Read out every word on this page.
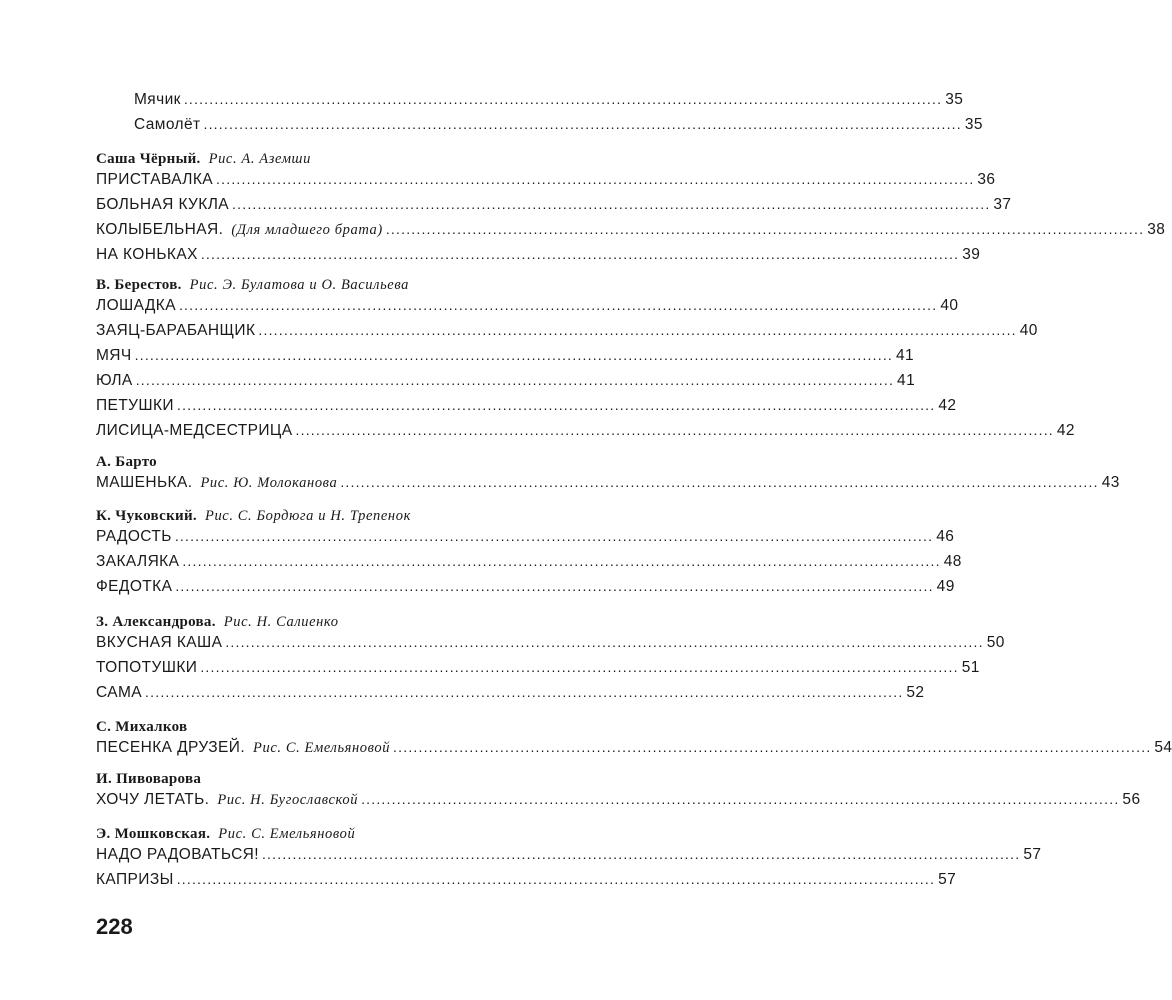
Мячик ..................................................................................................................................................... 35
Самолёт ..................................................................................................................................................... 35
Саша Чёрный. Рис. А. Аземши
ПРИСТАВАЛКА ..................................................................................................................................................... 36
БОЛЬНАЯ КУКЛА ..................................................................................................................................................... 37
КОЛЫБЕЛЬНАЯ. (Для младшего брата) ..................................................................................................................................................... 38
НА КОНЬКАХ ..................................................................................................................................................... 39
В. Берестов. Рис. Э. Булатова и О. Васильева
ЛОШАДКА ..................................................................................................................................................... 40
ЗАЯЦ-БАРАБАНЩИК ..................................................................................................................................................... 40
МЯЧ ..................................................................................................................................................... 41
ЮЛА ..................................................................................................................................................... 41
ПЕТУШКИ ..................................................................................................................................................... 42
ЛИСИЦА-МЕДСЕСТРИЦА ..................................................................................................................................................... 42
А. Барто
МАШЕНЬКА. Рис. Ю. Молоканова ..................................................................................................................................................... 43
К. Чуковский. Рис. С. Бордюга и Н. Трепенок
РАДОСТЬ ..................................................................................................................................................... 46
ЗАКАЛЯКА ..................................................................................................................................................... 48
ФЕДОТКА ..................................................................................................................................................... 49
З. Александрова. Рис. Н. Салиенко
ВКУСНАЯ КАША ..................................................................................................................................................... 50
ТОПОТУШКИ ..................................................................................................................................................... 51
САМА ..................................................................................................................................................... 52
С. Михалков
ПЕСЕНКА ДРУЗЕЙ. Рис. С. Емельяновой ..................................................................................................................................................... 54
И. Пивоварова
ХОЧУ ЛЕТАТЬ. Рис. Н. Бугославской ..................................................................................................................................................... 56
Э. Мошковская. Рис. С. Емельяновой
НАДО РАДОВАТЬСЯ! ..................................................................................................................................................... 57
КАПРИЗЫ ..................................................................................................................................................... 57
228
